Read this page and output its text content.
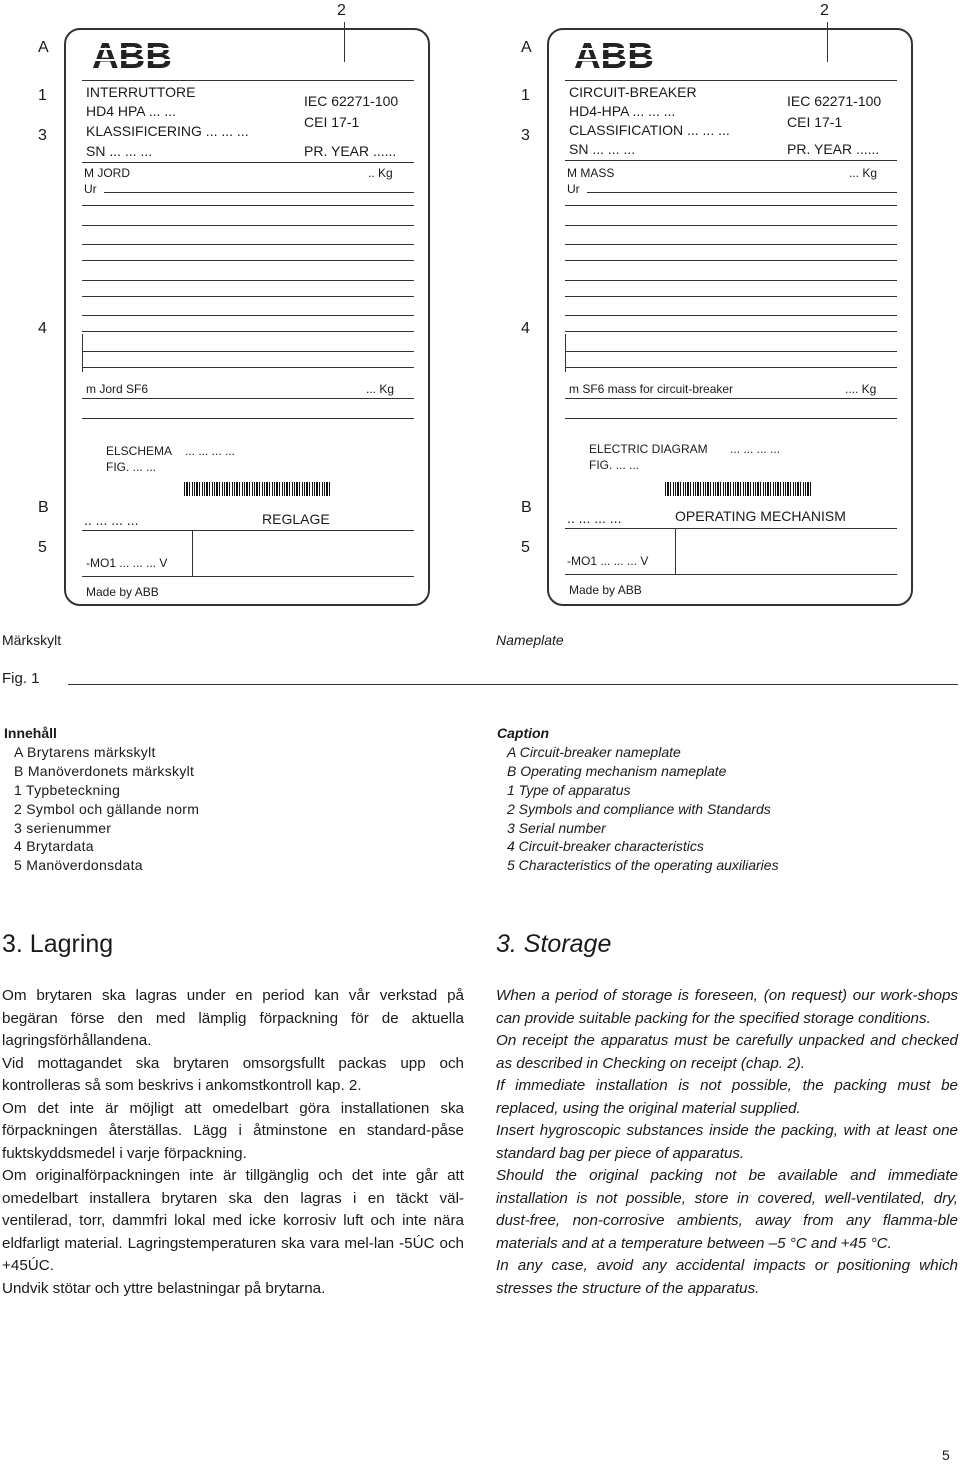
2
A
1
3
4
B
5
ABB
INTERRUTTORE
HD4 HPA ... ...
KLASSIFICERING ... ... ...
SN ... ... ...
IEC 62271-100
CEI 17-1
PR. YEAR ......
M JORD	.. Kg
Ur
m Jord SF6	... Kg
ELSCHEMA ... ... ... ...
FIG. ... ...
.. ... ... ...	REGLAGE
-MO1 ... ... ... V
Made by ABB
2
A
1
3
4
B
5
ABB
CIRCUIT-BREAKER
HD4-HPA ... ... ...
CLASSIFICATION ... ... ...
SN ... ... ...
IEC 62271-100
CEI 17-1
PR. YEAR ......
M MASS	... Kg
Ur
m SF6 mass for circuit-breaker	.... Kg
ELECTRIC DIAGRAM ... ... ... ...
FIG. ... ...
.. ... ... ...	OPERATING MECHANISM
-MO1 ... ... ... V
Made by ABB
Märkskylt	Nameplate
Fig. 1
Innehåll
A Brytarens märkskylt
B Manöverdonets märkskylt
1 Typbeteckning
2 Symbol och gällande norm
3 serienummer
4 Brytardata
5 Manöverdonsdata
Caption
A Circuit-breaker nameplate
B Operating mechanism nameplate
1 Type of apparatus
2 Symbols and compliance with Standards
3 Serial number
4 Circuit-breaker characteristics
5 Characteristics of the operating auxiliaries
3. Lagring	3. Storage

Om brytaren ska lagras under en period kan vår verkstad på begäran förse den med lämplig förpackning för de aktuella lagringsförhållandena.

Vid mottagandet ska brytaren omsorgsfullt packas upp och kontrolleras så som beskrivs i ankomstkontroll kap. 2.

Om det inte är möjligt att omedelbart göra installationen ska förpackningen återställas. Lägg i åtminstone en standard-påse fuktskyddsmedel i varje förpackning.

Om originalförpackningen inte är tillgänglig och det inte går att omedelbart installera brytaren ska den lagras i en täckt väl-ventilerad, torr, dammfri lokal med icke korrosiv luft och inte nära eldfarligt material. Lagringstemperaturen ska vara mel-lan -5ÚC och +45ÚC.

Undvik stötar och yttre belastningar på brytarna.

When a period of storage is foreseen, (on request) our work-shops can provide suitable packing for the specified storage conditions.

On receipt the apparatus must be carefully unpacked and checked as described in Checking on receipt (chap. 2).

If immediate installation is not possible, the packing must be replaced, using the original material supplied.

Insert hygroscopic substances inside the packing, with at least one standard bag per piece of apparatus.

Should the original packing not be available and immediate installation is not possible, store in covered, well-ventilated, dry, dust-free, non-corrosive ambients, away from any flamma-ble materials and at a temperature between –5 °C and +45 °C.

In any case, avoid any accidental impacts or positioning which stresses the structure of the apparatus.

5
